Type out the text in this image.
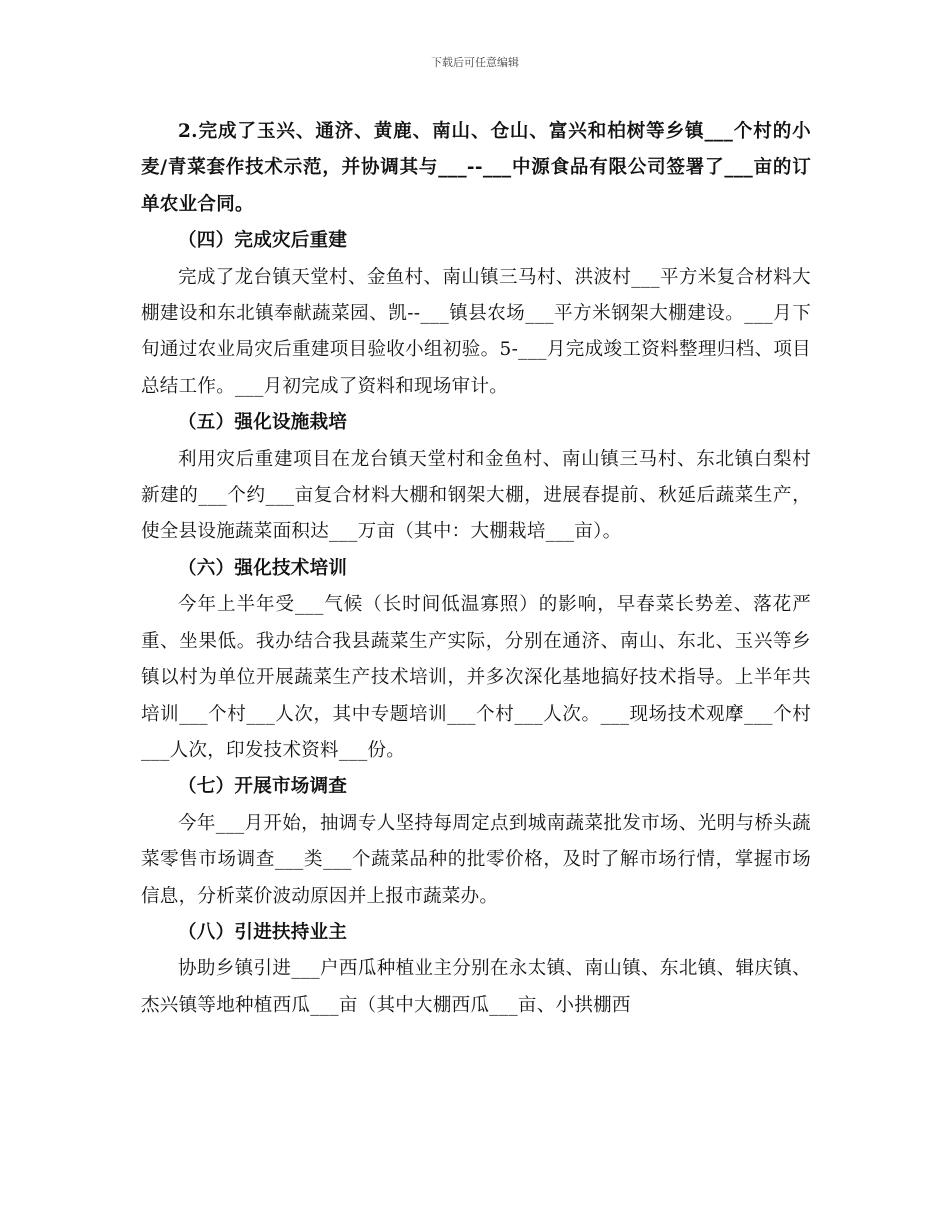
下载后可任意编辑

2.完成了玉兴、通济、黄鹿、南山、仓山、富兴和柏树等乡镇___个村的小麦/青菜套作技术示范，并协调其与___--___中源食品有限公司签署了___亩的订单农业合同。

（四）完成灾后重建

完成了龙台镇天堂村、金鱼村、南山镇三马村、洪波村___平方米复合材料大棚建设和东北镇奉献蔬菜园、凯--___镇县农场___平方米钢架大棚建设。___月下旬通过农业局灾后重建项目验收小组初验。5-___月完成竣工资料整理归档、项目总结工作。___月初完成了资料和现场审计。

（五）强化设施栽培

利用灾后重建项目在龙台镇天堂村和金鱼村、南山镇三马村、东北镇白梨村新建的___个约___亩复合材料大棚和钢架大棚，进展春提前、秋延后蔬菜生产，使全县设施蔬菜面积达___万亩（其中：大棚栽培___亩）。

（六）强化技术培训

今年上半年受___气候（长时间低温寡照）的影响，早春菜长势差、落花严重、坐果低。我办结合我县蔬菜生产实际，分别在通济、南山、东北、玉兴等乡镇以村为单位开展蔬菜生产技术培训，并多次深化基地搞好技术指导。上半年共培训___个村___人次，其中专题培训___个村___人次。___现场技术观摩___个村___人次，印发技术资料___份。

（七）开展市场调查

今年___月开始，抽调专人坚持每周定点到城南蔬菜批发市场、光明与桥头蔬菜零售市场调查___类___个蔬菜品种的批零价格，及时了解市场行情，掌握市场信息，分析菜价波动原因并上报市蔬菜办。

（八）引进扶持业主

协助乡镇引进___户西瓜种植业主分别在永太镇、南山镇、东北镇、辑庆镇、杰兴镇等地种植西瓜___亩（其中大棚西瓜___亩、小拱棚西
